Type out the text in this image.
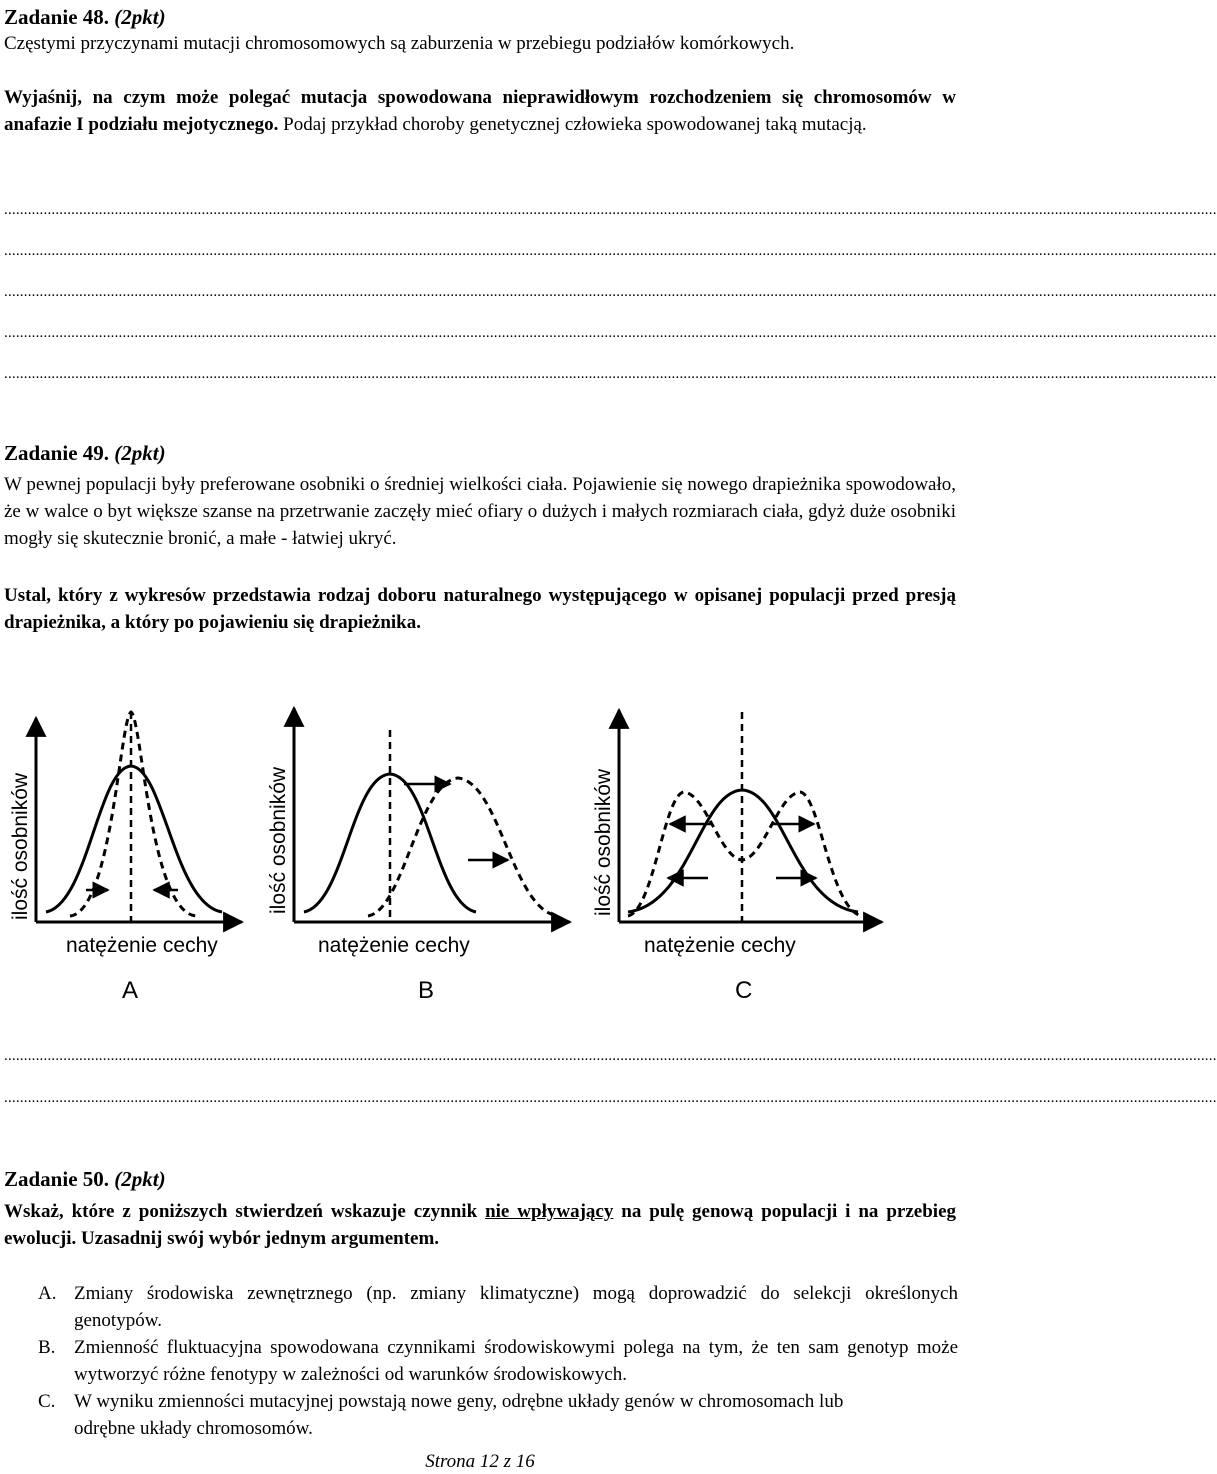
Zadanie 48. (2pkt)
Częstymi przyczynami mutacji chromosomowych są zaburzenia w przebiegu podziałów komórkowych.
Wyjaśnij, na czym może polegać mutacja spowodowana nieprawidłowym rozchodzeniem się chromosomów w anafazie I podziału mejotycznego. Podaj przykład choroby genetycznej człowieka spowodowanej taką mutacją.
...................................................................................................................................................................................................................................................................................................................
...................................................................................................................................................................................................................................................................................................................
...................................................................................................................................................................................................................................................................................................................
...................................................................................................................................................................................................................................................................................................................
...................................................................................................................................................................................................................................................................................................................
Zadanie 49. (2pkt)
W pewnej populacji były preferowane osobniki o średniej wielkości ciała. Pojawienie się nowego drapieżnika spowodowało, że w walce o byt większe szanse na przetrwanie zaczęły mieć ofiary o dużych i małych rozmiarach ciała, gdyż duże osobniki mogły się skutecznie bronić, a małe - łatwiej ukryć.
Ustal, który z wykresów przedstawia rodzaj doboru naturalnego występującego w opisanej populacji przed presją drapieżnika, a który po pojawieniu się drapieżnika.
ilość osobników
natężenie cechy
A
ilość osobników
natężenie cechy
B
ilość osobników
natężenie cechy
C
...................................................................................................................................................................................................................................................................................................................
...................................................................................................................................................................................................................................................................................................................
Zadanie 50. (2pkt)
Wskaż, które z poniższych stwierdzeń wskazuje czynnik nie wpływający na pulę genową populacji i na przebieg ewolucji. Uzasadnij swój wybór jednym argumentem.
A. Zmiany środowiska zewnętrznego (np. zmiany klimatyczne) mogą doprowadzić do selekcji określonych genotypów.
B. Zmienność fluktuacyjna spowodowana czynnikami środowiskowymi polega na tym, że ten sam genotyp może wytworzyć różne fenotypy w zależności od warunków środowiskowych.
C. W wyniku zmienności mutacyjnej powstają nowe geny, odrębne układy genów w chromosomach lub odrębne układy chromosomów.
Strona 12 z 16
